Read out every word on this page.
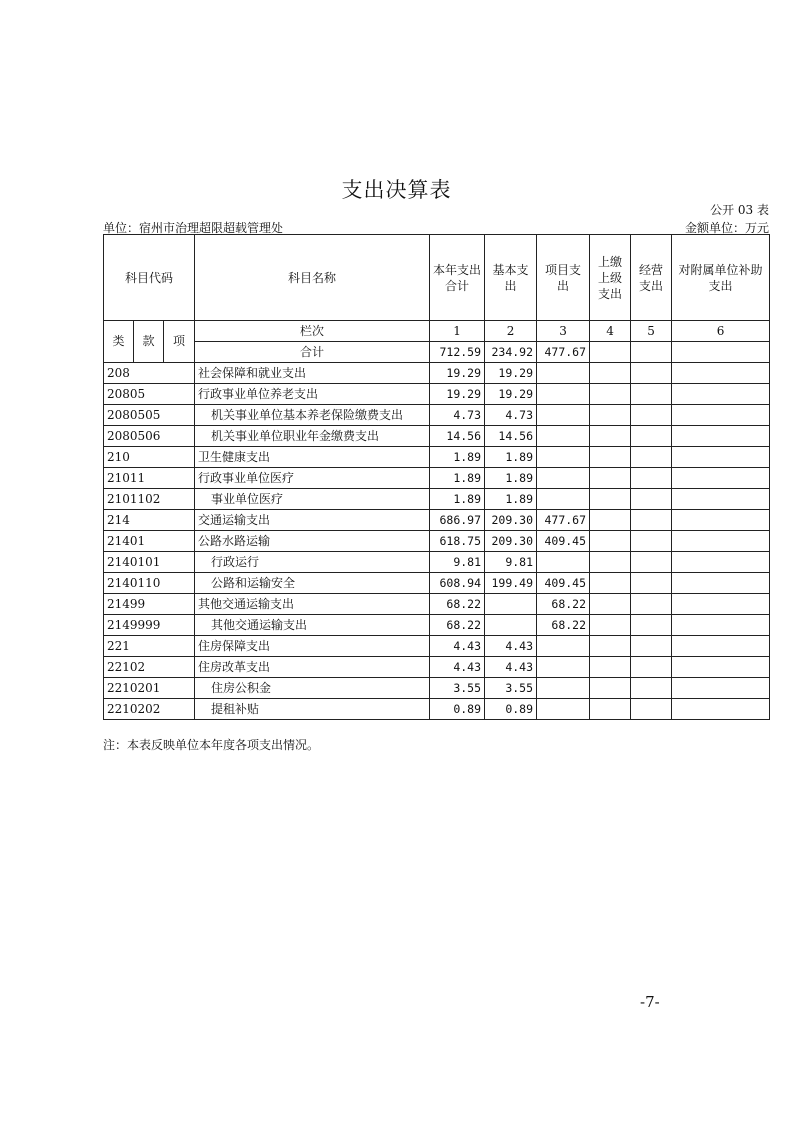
支出决算表
公开 03 表
单位：宿州市治理超限超载管理处	金额单位：万元
科目代码			科目名称	本年支出合计	基本支出	项目支出	上缴上级支出	经营支出	对附属单位补助支出
类	款	项	栏次	1	2	3	4	5	6
			合计	712.59	234.92	477.67			
208			社会保障和就业支出	19.29	19.29				
20805			行政事业单位养老支出	19.29	19.29				
2080505			机关事业单位基本养老保险缴费支出	4.73	4.73				
2080506			机关事业单位职业年金缴费支出	14.56	14.56				
210			卫生健康支出	1.89	1.89				
21011			行政事业单位医疗	1.89	1.89				
2101102			事业单位医疗	1.89	1.89				
214			交通运输支出	686.97	209.30	477.67			
21401			公路水路运输	618.75	209.30	409.45			
2140101			行政运行	9.81	9.81				
2140110			公路和运输安全	608.94	199.49	409.45			
21499			其他交通运输支出	68.22		68.22			
2149999			其他交通运输支出	68.22		68.22			
221			住房保障支出	4.43	4.43				
22102			住房改革支出	4.43	4.43				
2210201			住房公积金	3.55	3.55				
2210202			提租补贴	0.89	0.89				
注：本表反映单位本年度各项支出情况。
-7-
